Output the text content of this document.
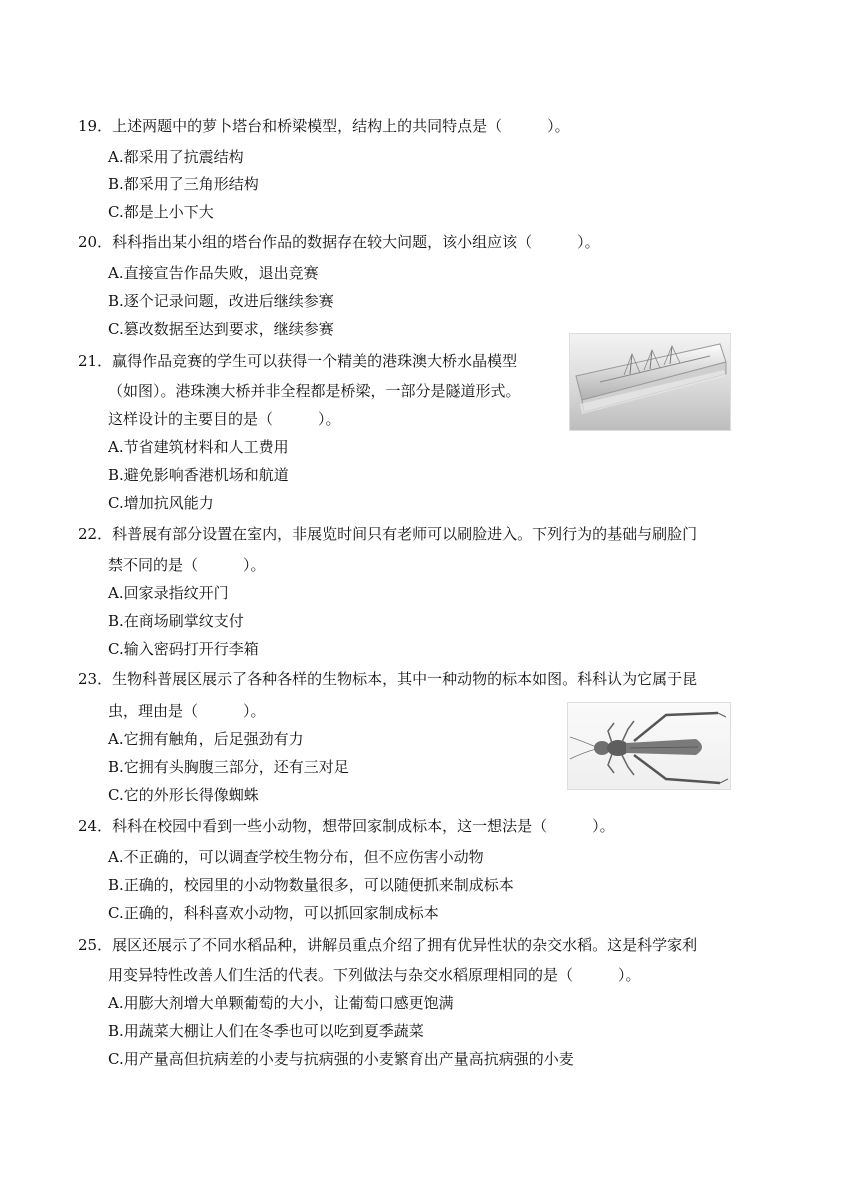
19．上述两题中的萝卜塔台和桥梁模型，结构上的共同特点是（　　　）。
A.都采用了抗震结构
B.都采用了三角形结构
C.都是上小下大
20．科科指出某小组的塔台作品的数据存在较大问题，该小组应该（　　　）。
A.直接宣告作品失败，退出竞赛
B.逐个记录问题，改进后继续参赛
C.篡改数据至达到要求，继续参赛
21．赢得作品竞赛的学生可以获得一个精美的港珠澳大桥水晶模型
（如图）。港珠澳大桥并非全程都是桥梁，一部分是隧道形式。
这样设计的主要目的是（　　　）。
A.节省建筑材料和人工费用
B.避免影响香港机场和航道
C.增加抗风能力
22．科普展有部分设置在室内，非展览时间只有老师可以刷脸进入。下列行为的基础与刷脸门
禁不同的是（　　　）。
A.回家录指纹开门
B.在商场刷掌纹支付
C.输入密码打开行李箱
23．生物科普展区展示了各种各样的生物标本，其中一种动物的标本如图。科科认为它属于昆
虫，理由是（　　　）。
A.它拥有触角，后足强劲有力
B.它拥有头胸腹三部分，还有三对足
C.它的外形长得像蜘蛛
24．科科在校园中看到一些小动物，想带回家制成标本，这一想法是（　　　）。
A.不正确的，可以调查学校生物分布，但不应伤害小动物
B.正确的，校园里的小动物数量很多，可以随便抓来制成标本
C.正确的，科科喜欢小动物，可以抓回家制成标本
25．展区还展示了不同水稻品种，讲解员重点介绍了拥有优异性状的杂交水稻。这是科学家利
用变异特性改善人们生活的代表。下列做法与杂交水稻原理相同的是（　　　）。
A.用膨大剂增大单颗葡萄的大小，让葡萄口感更饱满
B.用蔬菜大棚让人们在冬季也可以吃到夏季蔬菜
C.用产量高但抗病差的小麦与抗病强的小麦繁育出产量高抗病强的小麦
